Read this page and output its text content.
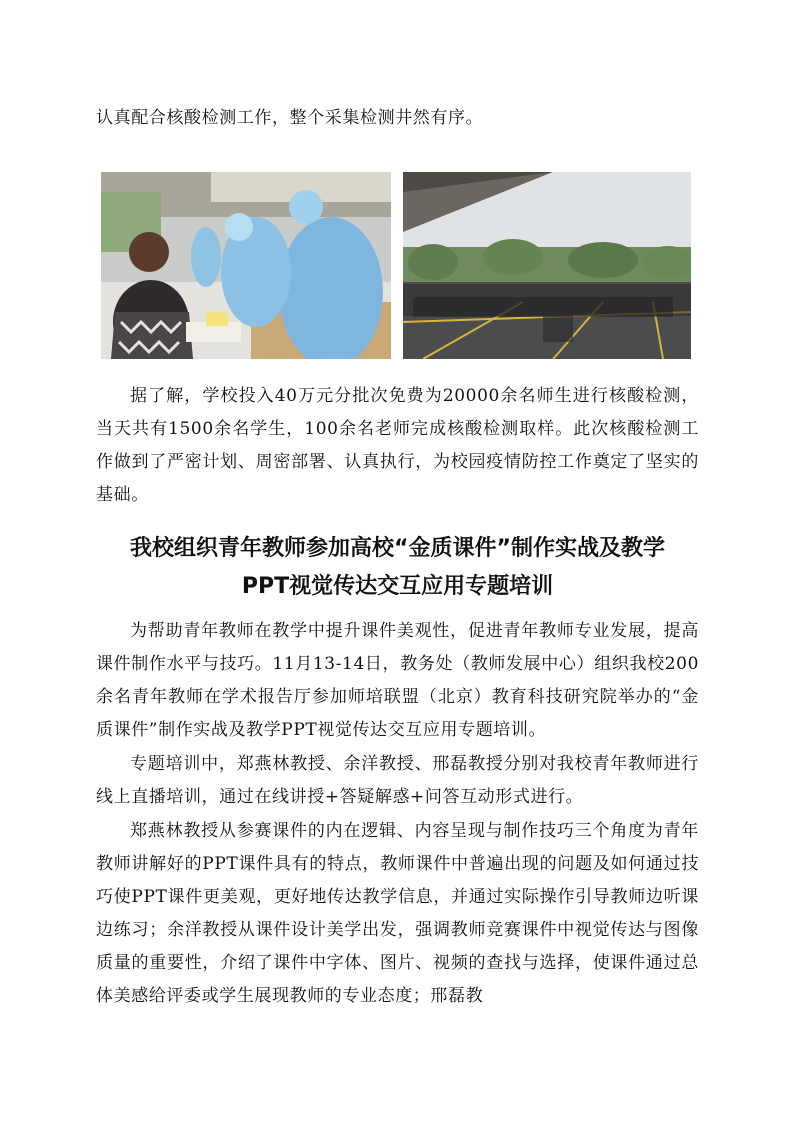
认真配合核酸检测工作，整个采集检测井然有序。

据了解，学校投入40万元分批次免费为20000余名师生进行核酸检测，当天共有1500余名学生，100余名老师完成核酸检测取样。此次核酸检测工作做到了严密计划、周密部署、认真执行，为校园疫情防控工作奠定了坚实的基础。

我校组织青年教师参加高校“金质课件”制作实战及教学
PPT视觉传达交互应用专题培训

为帮助青年教师在教学中提升课件美观性，促进青年教师专业发展，提高课件制作水平与技巧。11月13-14日，教务处（教师发展中心）组织我校200余名青年教师在学术报告厅参加师培联盟（北京）教育科技研究院举办的“金质课件”制作实战及教学PPT视觉传达交互应用专题培训。

专题培训中，郑燕林教授、余洋教授、邢磊教授分别对我校青年教师进行线上直播培训，通过在线讲授+答疑解惑+问答互动形式进行。

郑燕林教授从参赛课件的内在逻辑、内容呈现与制作技巧三个角度为青年教师讲解好的PPT课件具有的特点，教师课件中普遍出现的问题及如何通过技巧使PPT课件更美观，更好地传达教学信息，并通过实际操作引导教师边听课边练习；余洋教授从课件设计美学出发，强调教师竞赛课件中视觉传达与图像质量的重要性，介绍了课件中字体、图片、视频的查找与选择，使课件通过总体美感给评委或学生展现教师的专业态度；邢磊教
